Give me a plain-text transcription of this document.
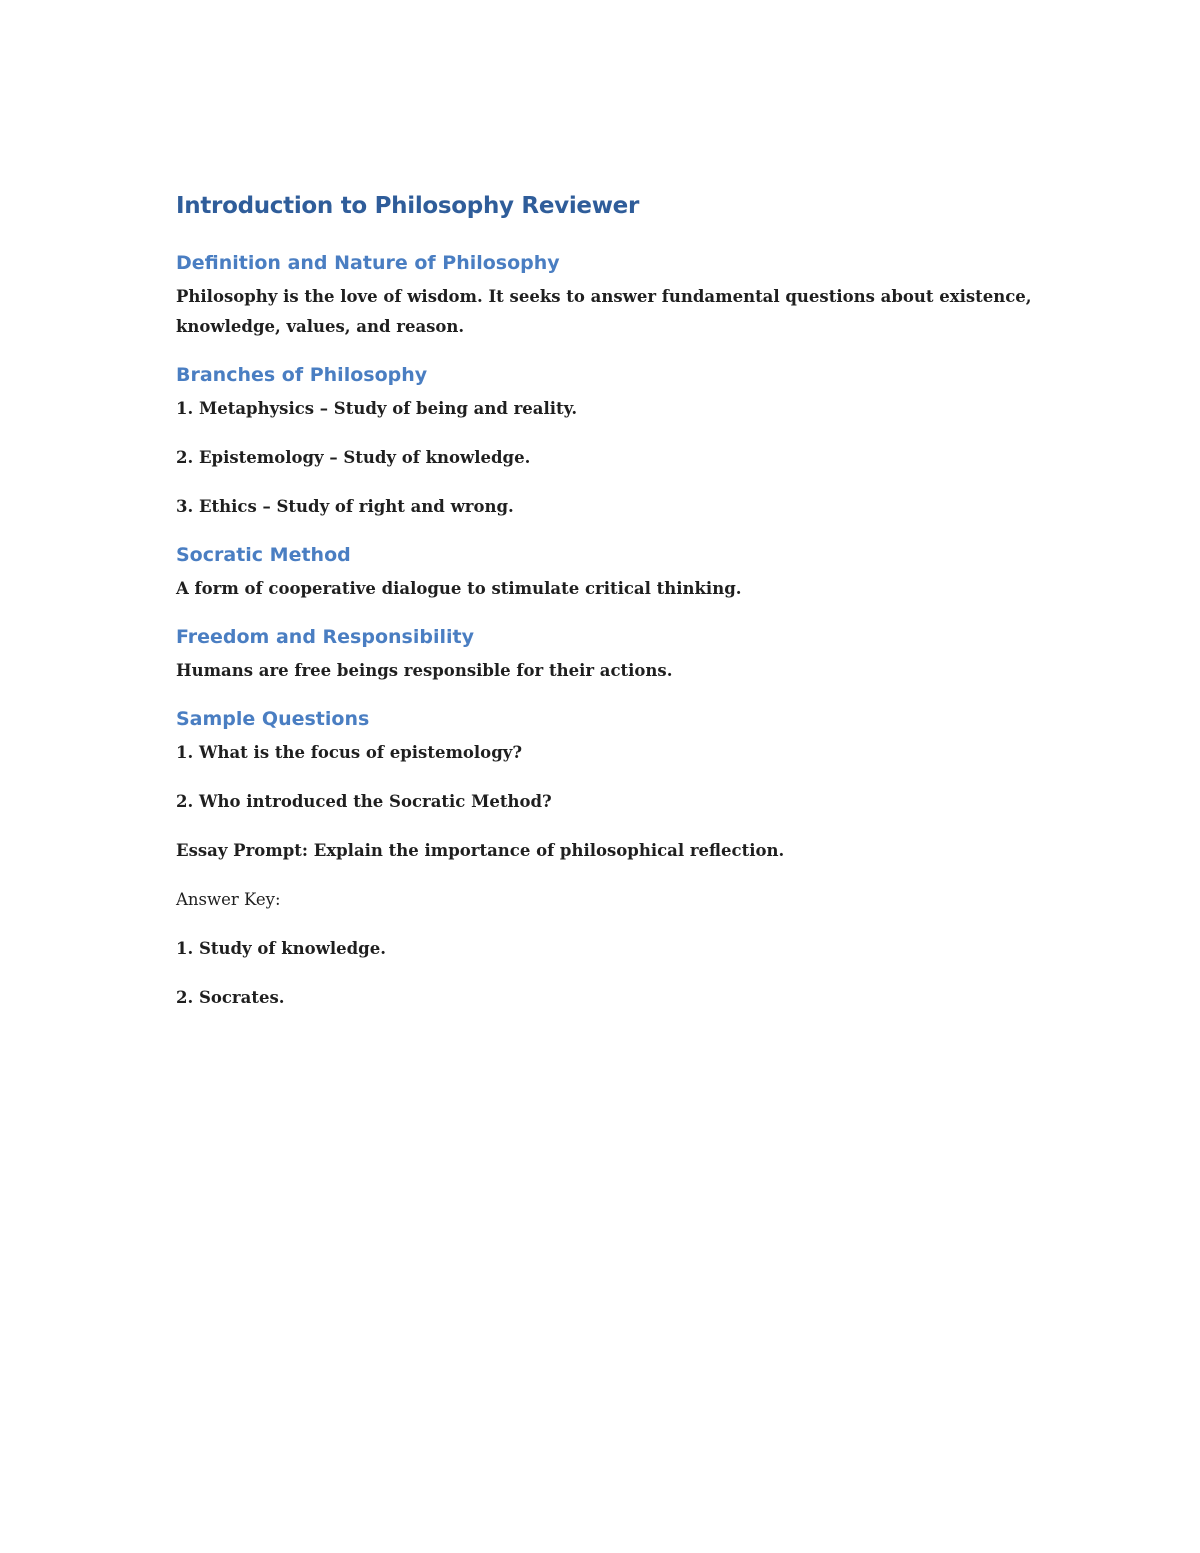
Introduction to Philosophy Reviewer
Definition and Nature of Philosophy

Philosophy is the love of wisdom. It seeks to answer fundamental questions about existence,
knowledge, values, and reason.

Branches of Philosophy

1. Metaphysics – Study of being and reality.

2. Epistemology – Study of knowledge.

3. Ethics – Study of right and wrong.

Socratic Method

A form of cooperative dialogue to stimulate critical thinking.

Freedom and Responsibility

Humans are free beings responsible for their actions.

Sample Questions

1. What is the focus of epistemology?

2. Who introduced the Socratic Method?

Essay Prompt: Explain the importance of philosophical reflection.

Answer Key:

1. Study of knowledge.

2. Socrates.
